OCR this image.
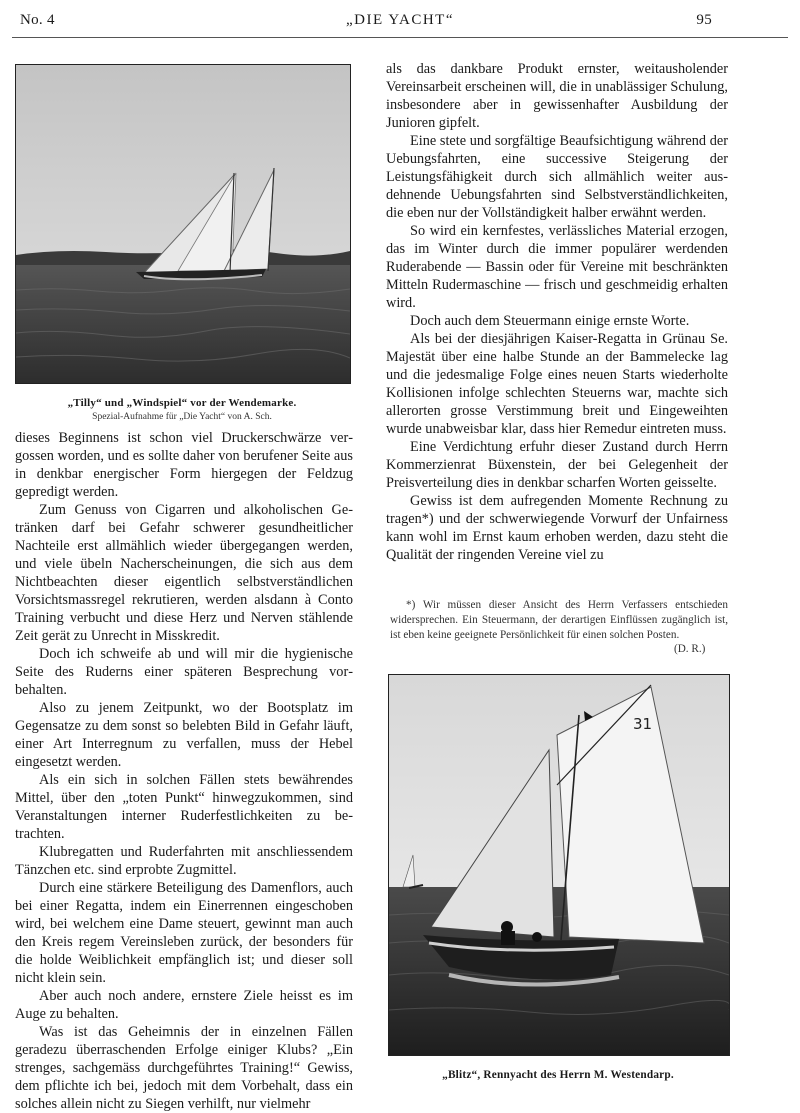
No. 4	„DIE YACHT“	95
„Tilly“ und „Windspiel“ vor der Wendemarke.
Spezial-Aufnahme für „Die Yacht“ von A. Sch.

dieses Beginnens ist schon viel Druckerschwärze vergossen worden, und es sollte daher von berufener Seite aus in denkbar energischer Form hiergegen der Feldzug gepredigt werden.

Zum Genuss von Cigarren und alkoholischen Getränken darf bei Gefahr schwerer gesundheitlicher Nachteile erst allmählich wieder übergegangen werden, und viele übeln Nacherscheinungen, die sich aus dem Nichtbeachten dieser eigentlich selbstverständlichen Vorsichtsmassregel rekrutieren, werden alsdann à Conto Training verbucht und diese Herz und Nerven stählende Zeit gerät zu Unrecht in Misskredit.

Doch ich schweife ab und will mir die hygienische Seite des Ruderns einer späteren Besprechung vorbehalten.

Also zu jenem Zeitpunkt, wo der Bootsplatz im Gegensatze zu dem sonst so belebten Bild in Gefahr läuft, einer Art Interregnum zu verfallen, muss der Hebel eingesetzt werden.

Als ein sich in solchen Fällen stets bewährendes Mittel, über den „toten Punkt“ hinwegzukommen, sind Veranstaltungen interner Ruderfestlichkeiten zu betrachten.

Klubregatten und Ruderfahrten mit anschliessendem Tänzchen etc. sind erprobte Zugmittel.

Durch eine stärkere Beteiligung des Damenflors, auch bei einer Regatta, indem ein Einerrennen eingeschoben wird, bei welchem eine Dame steuert, gewinnt man auch den Kreis regem Vereinsleben zurück, der besonders für die holde Weiblichkeit empfänglich ist; und dieser soll nicht klein sein.

Aber auch noch andere, ernstere Ziele heisst es im Auge zu behalten.

Was ist das Geheimnis der in einzelnen Fällen geradezu überraschenden Erfolge einiger Klubs? „Ein strenges, sachgemäss durchgeführtes Training!“ Gewiss, dem pflichte ich bei, jedoch mit dem Vorbehalt, dass ein solches allein nicht zu Siegen verhilft, nur vielmehr

als das dankbare Produkt ernster, weitausholender Vereinsarbeit erscheinen will, die in unablässiger Schulung, insbesondere aber in gewissenhafter Ausbildung der Junioren gipfelt.

Eine stete und sorgfältige Beaufsichtigung während der Uebungsfahrten, eine successive Steigerung der Leistungsfähigkeit durch sich allmählich weiter ausdehnende Uebungsfahrten sind Selbstverständlichkeiten, die eben nur der Vollständigkeit halber erwähnt werden.

So wird ein kernfestes, verlässliches Material erzogen, das im Winter durch die immer populärer werdenden Ruderabende — Bassin oder für Vereine mit beschränkten Mitteln Rudermaschine — frisch und geschmeidig erhalten wird.

Doch auch dem Steuermann einige ernste Worte.

Als bei der diesjährigen Kaiser-Regatta in Grünau Se. Majestät über eine halbe Stunde an der Bammelecke lag und die jedesmalige Folge eines neuen Starts wiederholte Kollisionen infolge schlechten Steuerns war, machte sich allerorten grosse Verstimmung breit und Eingeweihten wurde unabweisbar klar, dass hier Remedur eintreten muss.

Eine Verdichtung erfuhr dieser Zustand durch Herrn Kommerzienrat Büxenstein, der bei Gelegenheit der Preisverteilung dies in denkbar scharfen Worten geisselte.

Gewiss ist dem aufregenden Momente Rechnung zu tragen*) und der schwerwiegende Vorwurf der Unfairness kann wohl im Ernst kaum erhoben werden, dazu steht die Qualität der ringenden Vereine viel zu

*) Wir müssen dieser Ansicht des Herrn Verfassers entschieden widersprechen. Ein Steuermann, der derartigen Einflüssen zugänglich ist, ist eben keine geeignete Persönlichkeit für einen solchen Posten.
(D. R.)
31
„Blitz“, Rennyacht des Herrn M. Westendarp.
